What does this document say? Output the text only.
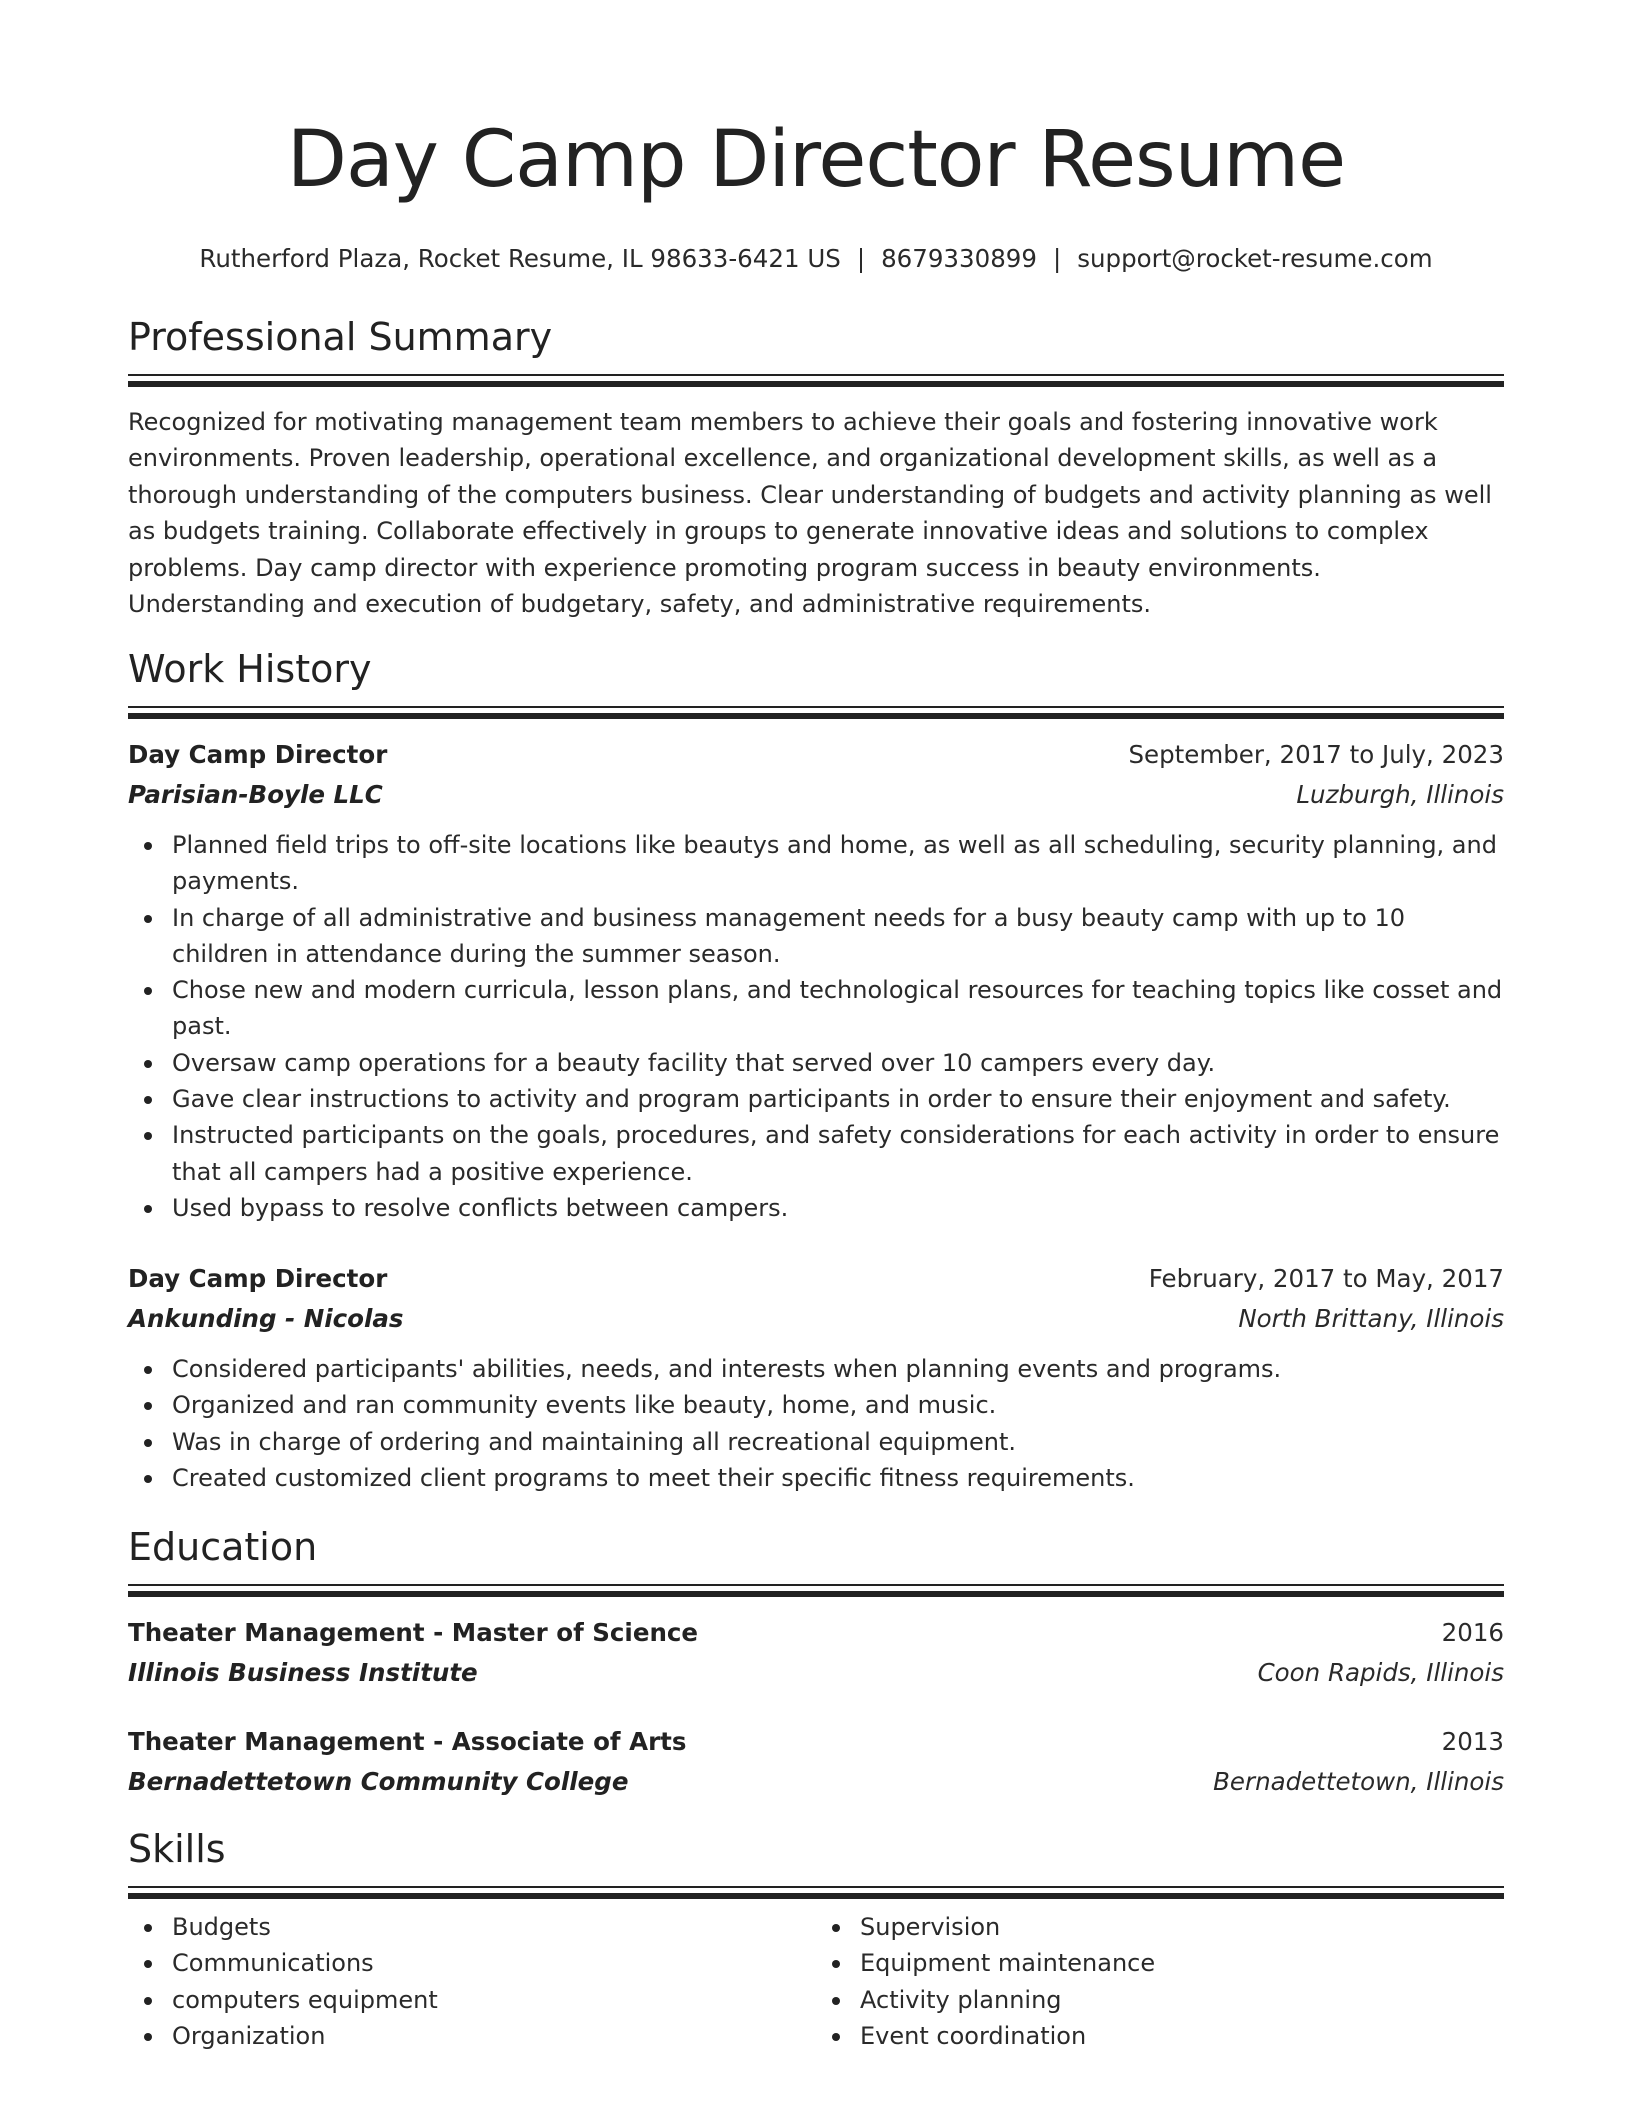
Day Camp Director Resume
Rutherford Plaza, Rocket Resume, IL 98633-6421 US | 8679330899 | support@rocket-resume.com
Professional Summary

Recognized for motivating management team members to achieve their goals and fostering innovative work environments. Proven leadership, operational excellence, and organizational development skills, as well as a thorough understanding of the computers business. Clear understanding of budgets and activity planning as well as budgets training. Collaborate effectively in groups to generate innovative ideas and solutions to complex problems. Day camp director with experience promoting program success in beauty environments. Understanding and execution of budgetary, safety, and administrative requirements.

Work History
Day Camp Director	September, 2017 to July, 2023
Parisian-Boyle LLC	Luzburgh, Illinois
Planned field trips to off-site locations like beautys and home, as well as all scheduling, security planning, and payments.
In charge of all administrative and business management needs for a busy beauty camp with up to 10 children in attendance during the summer season.
Chose new and modern curricula, lesson plans, and technological resources for teaching topics like cosset and past.
Oversaw camp operations for a beauty facility that served over 10 campers every day.
Gave clear instructions to activity and program participants in order to ensure their enjoyment and safety.
Instructed participants on the goals, procedures, and safety considerations for each activity in order to ensure that all campers had a positive experience.
Used bypass to resolve conflicts between campers.
Day Camp Director	February, 2017 to May, 2017
Ankunding - Nicolas	North Brittany, Illinois
Considered participants' abilities, needs, and interests when planning events and programs.
Organized and ran community events like beauty, home, and music.
Was in charge of ordering and maintaining all recreational equipment.
Created customized client programs to meet their specific fitness requirements.
Education
Theater Management - Master of Science	2016
Illinois Business Institute	Coon Rapids, Illinois
Theater Management - Associate of Arts	2013
Bernadettetown Community College	Bernadettetown, Illinois
Skills
Budgets
Communications
computers equipment
Organization
Supervision
Equipment maintenance
Activity planning
Event coordination
